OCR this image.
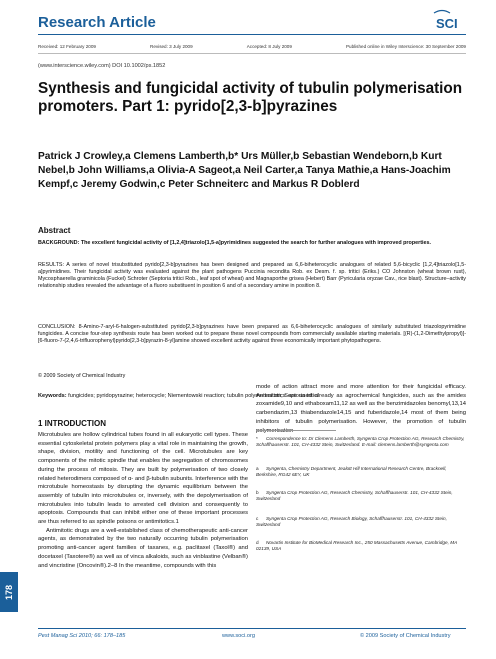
Research Article	SCI
Received: 12 February 2009	Revised: 3 July 2009	Accepted: 8 July 2009	Published online in Wiley Interscience: 30 September 2009
(www.interscience.wiley.com) DOI 10.1002/ps.1852
Synthesis and fungicidal activity of tubulin polymerisation promoters. Part 1: pyrido[2,3-b]pyrazines
Patrick J Crowley,a Clemens Lamberth,b* Urs Müller,b Sebastian Wendeborn,b Kurt Nebel,b John Williams,a Olivia-A Sageot,a Neil Carter,a Tanya Mathie,a Hans-Joachim Kempf,c Jeremy Godwin,c Peter Schneiterc and Markus R Doblerd
Abstract
BACKGROUND: The excellent fungicidal activity of [1,2,4]triazolo[1,5-a]pyrimidines suggested the search for further analogues with improved properties.
RESULTS: A series of novel trisubstituted pyrido[2,3-b]pyrazines has been designed and prepared as 6,6-biheterocyclic analogues of related 5,6-bicyclic [1,2,4]triazolo[1,5-a]pyrimidines. Their fungicidal activity was evaluated against the plant pathogens Puccinia recondita Rob. ex Desm. f. sp. tritici (Eriks.) CO Johnston (wheat brown rust), Mycosphaerella graminicola (Fuckel) Schroter (Septoria tritici Rob., leaf spot of wheat) and Magnaporthe grisea (Hebert) Barr (Pyricularia oryzae Cav., rice blast). Structure–activity relationship studies revealed the advantage of a fluoro substituent in position 6 and of a secondary amine in position 8.
CONCLUSION: 8-Amino-7-aryl-6-halogen-substituted pyrido[2,3-b]pyrazines have been prepared as 6,6-biheterocyclic analogues of similarly substituted triazolopyrimidine fungicides. A concise four-step synthesis route has been worked out to prepare these novel compounds from commercially available starting materials. [(R)-(1,2-Dimethylpropyl)]-[6-fluoro-7-(2,4,6-trifluorophenyl)pyrido[2,3-b]pyrazin-8-yl]amine showed excellent activity against three economically important phytopathogens.
© 2009 Society of Chemical Industry
Keywords: fungicides; pyridopyrazine; heterocycle; Niementowski reaction; tubulin polymerisation; Septoria tritici
1 INTRODUCTION
Microtubules are hollow cylindrical tubes found in all eukaryotic cell types. These essential cytoskeletal protein polymers play a vital role in maintaining the growth, shape, division, motility and functioning of the cell. Microtubules are key components of the mitotic spindle that enables the segregation of chromosomes during the process of mitosis. They are built by polymerisation of two closely related heterodimers composed of α- and β-tubulin subunits. Interference with the microtubule homeostasis by disrupting the dynamic equilibrium between the assembly of tubulin into microtubules or, inversely, with the depolymerisation of microtubules into tubulin leads to arrested cell division and consequently to apoptosis. Compounds that can inhibit either one of these important processes are thus referred to as spindle poisons or antimitotics.1
Antimitotic drugs are a well-established class of chemotherapeutic anti-cancer agents, as demonstrated by the two naturally occurring tubulin polymerisation promoting anti-cancer agent families of taxanes, e.g. paclitaxel (Taxol®) and docetaxel (Taxotere®) as well as of vinca alkaloids, such as vinblastine (Velban®) and vincristine (Oncovin®).2–8 In the meantime, compounds with this
mode of action attract more and more attention for their fungicidal efficacy. Antimitotics are used already as agrochemical fungicides, such as the amides zoxamide9,10 and ethaboxam11,12 as well as the benzimidazoles benomyl,13,14 carbendazim,13 thiabendazole14,15 and fuberidazole,14 most of them being inhibitors of tubulin polymerisation. However, the promotion of tubulin
* Correspondence to: Dr Clemens Lamberth, Syngenta Crop Protection AG, Research Chemistry, Schaffhauserstr. 101, CH-4332 Stein, Switzerland. E-mail: clemens.lamberth@syngenta.com
a Syngenta, Chemistry Department, Jealott Hill International Research Centre, Bracknell, Berkshire, RG42 6EY, UK
b Syngenta Crop Protection AG, Research Chemistry, Schaffhauserstr. 101, CH-4332 Stein, Switzerland
c Syngenta Crop Protection AG, Research Biology, Schaffhauserstr. 101, CH-4332 Stein, Switzerland
d Novartis Institute for BioMedical Research Inc., 250 Massachusetts Avenue, Cambridge, MA 02139, USA
178
Pest Manag Sci 2010; 66: 178–185	www.soci.org	© 2009 Society of Chemical Industry
